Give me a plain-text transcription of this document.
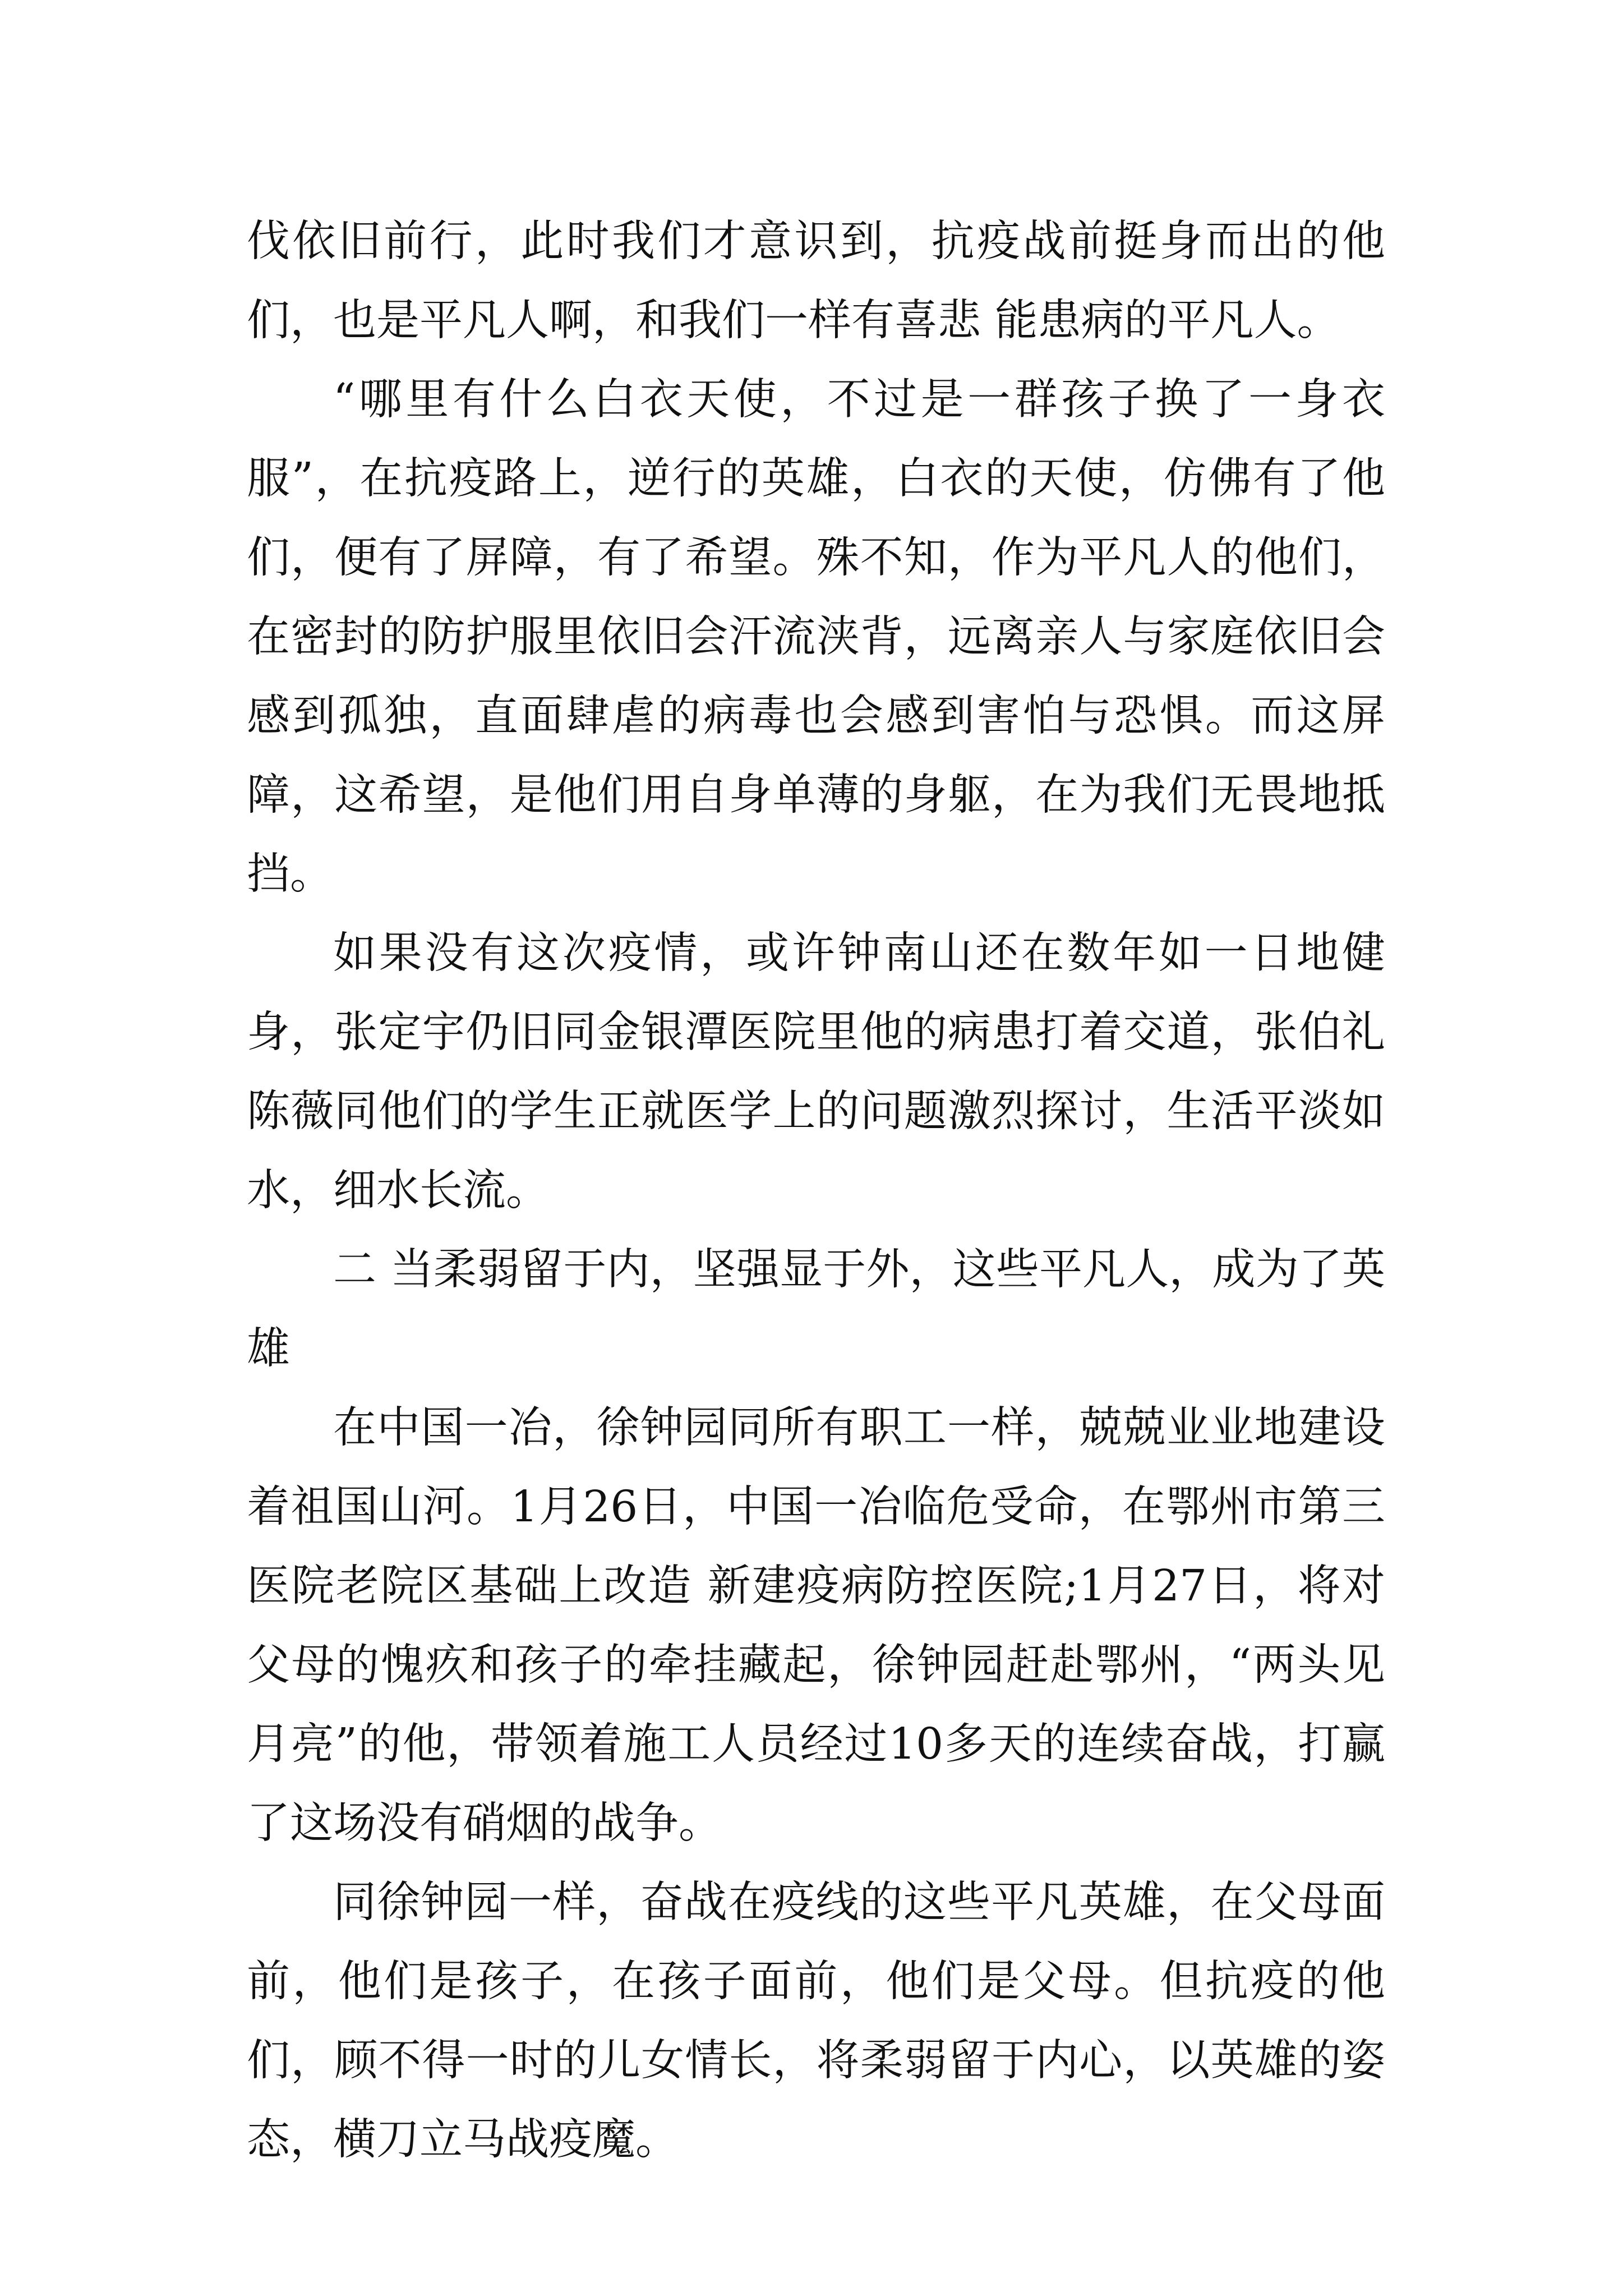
伐依旧前行，此时我们才意识到，抗疫战前挺身而出的他们，也是平凡人啊，和我们一样有喜悲 能患病的平凡人。

“哪里有什么白衣天使，不过是一群孩子换了一身衣服”，在抗疫路上，逆行的英雄，白衣的天使，仿佛有了他们，便有了屏障，有了希望。殊不知，作为平凡人的他们，在密封的防护服里依旧会汗流浃背，远离亲人与家庭依旧会感到孤独，直面肆虐的病毒也会感到害怕与恐惧。而这屏障，这希望，是他们用自身单薄的身躯，在为我们无畏地抵挡。

如果没有这次疫情，或许钟南山还在数年如一日地健身，张定宇仍旧同金银潭医院里他的病患打着交道，张伯礼 陈薇同他们的学生正就医学上的问题激烈探讨，生活平淡如水，细水长流。

二 当柔弱留于内，坚强显于外，这些平凡人，成为了英雄

在中国一冶，徐钟园同所有职工一样，兢兢业业地建设着祖国山河。1月26日，中国一冶临危受命，在鄂州市第三医院老院区基础上改造 新建疫病防控医院;1月27日，将对父母的愧疚和孩子的牵挂藏起，徐钟园赶赴鄂州，“两头见月亮”的他，带领着施工人员经过10多天的连续奋战，打赢了这场没有硝烟的战争。

同徐钟园一样，奋战在疫线的这些平凡英雄，在父母面前，他们是孩子，在孩子面前，他们是父母。但抗疫的他们，顾不得一时的儿女情长，将柔弱留于内心，以英雄的姿态，横刀立马战疫魔。
